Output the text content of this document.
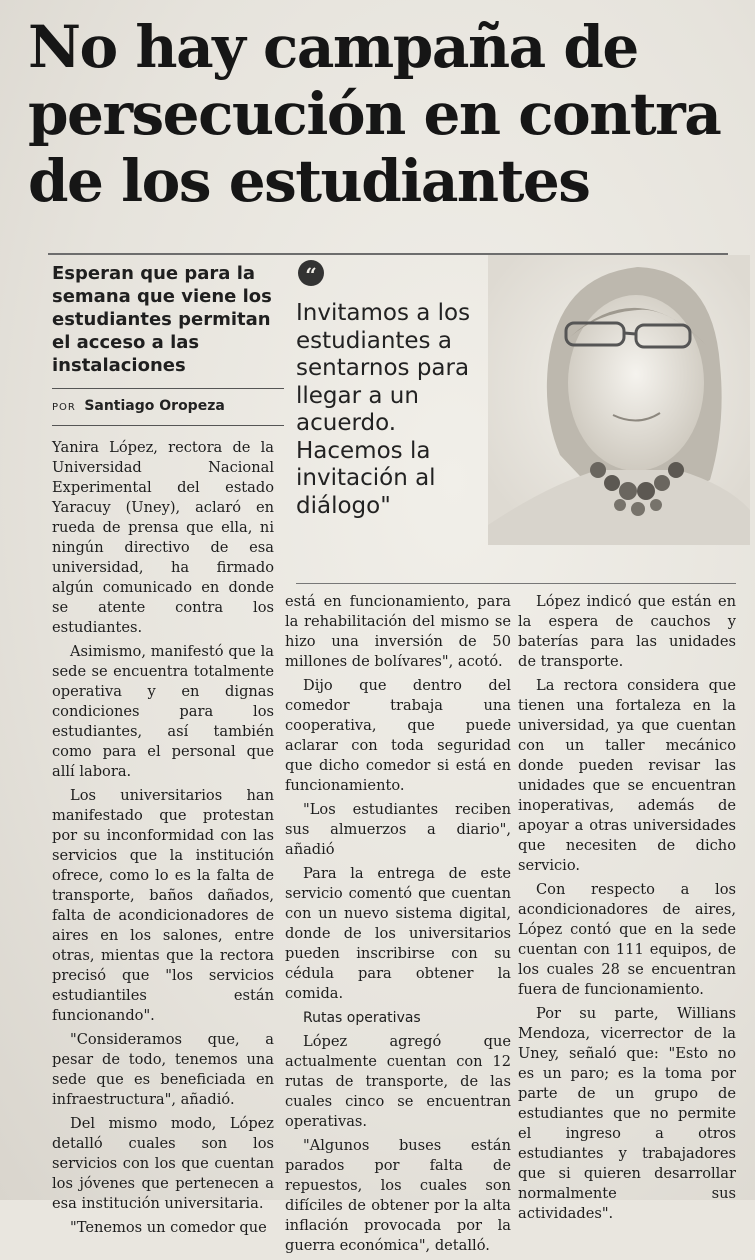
No hay campaña de
persecución en contra
de los estudiantes
Esperan que para la semana que viene los estudiantes permitan el acceso a las instalaciones
POR Santiago Oropeza
“
Invitamos a los estudiantes a sentarnos para llegar a un acuerdo. Hacemos la invitación al diálogo"

Yanira López, rectora de la Universidad Nacional Experimental del estado Yaracuy (Uney), aclaró en rueda de prensa que ella, ni ningún directivo de esa universidad, ha firmado algún comunicado en donde se atente contra los estudiantes.

Asimismo, manifestó que la sede se encuentra totalmente operativa y en dignas condiciones para los estudiantes, así también como para el personal que allí labora.

Los universitarios han manifestado que protestan por su inconformidad con las servicios que la institución ofrece, como lo es la falta de transporte, baños dañados, falta de acondicionadores de aires en los salones, entre otras, mientas que la rectora precisó que "los servicios estudiantiles están funcionando".

"Consideramos que, a pesar de todo, tenemos una sede que es beneficiada en infraestructura", añadió.

Del mismo modo, López detalló cuales son los servicios con los que cuentan los jóvenes que pertenecen a esa institución universitaria.

"Tenemos un comedor que

está en funcionamiento, para la rehabilitación del mismo se hizo una inversión de 50 millones de bolívares", acotó.

Dijo que dentro del comedor trabaja una cooperativa, que puede aclarar con toda seguridad que dicho comedor si está en funcionamiento.

"Los estudiantes reciben sus almuerzos a diario", añadió

Para la entrega de este servicio comentó que cuentan con un nuevo sistema digital, donde de los universitarios pueden inscribirse con su cédula para obtener la comida.

Rutas operativas

López agregó que actualmente cuentan con 12 rutas de transporte, de las cuales cinco se encuentran operativas.

"Algunos buses están parados por falta de repuestos, los cuales son difíciles de obtener por la alta inflación provocada por la guerra económica", detalló.

López indicó que están en la espera de cauchos y baterías para las unidades de transporte.

La rectora considera que tienen una fortaleza en la universidad, ya que cuentan con un taller mecánico donde pueden revisar las unidades que se encuentran inoperativas, además de apoyar a otras universidades que necesiten de dicho servicio.

Con respecto a los acondicionadores de aires, López contó que en la sede cuentan con 111 equipos, de los cuales 28 se encuentran fuera de funcionamiento.

Por su parte, Willians Mendoza, vicerrector de la Uney, señaló que: "Esto no es un paro; es la toma por parte de un grupo de estudiantes que no permite el ingreso a otros estudiantes y trabajadores que si quieren desarrollar normalmente sus actividades".
